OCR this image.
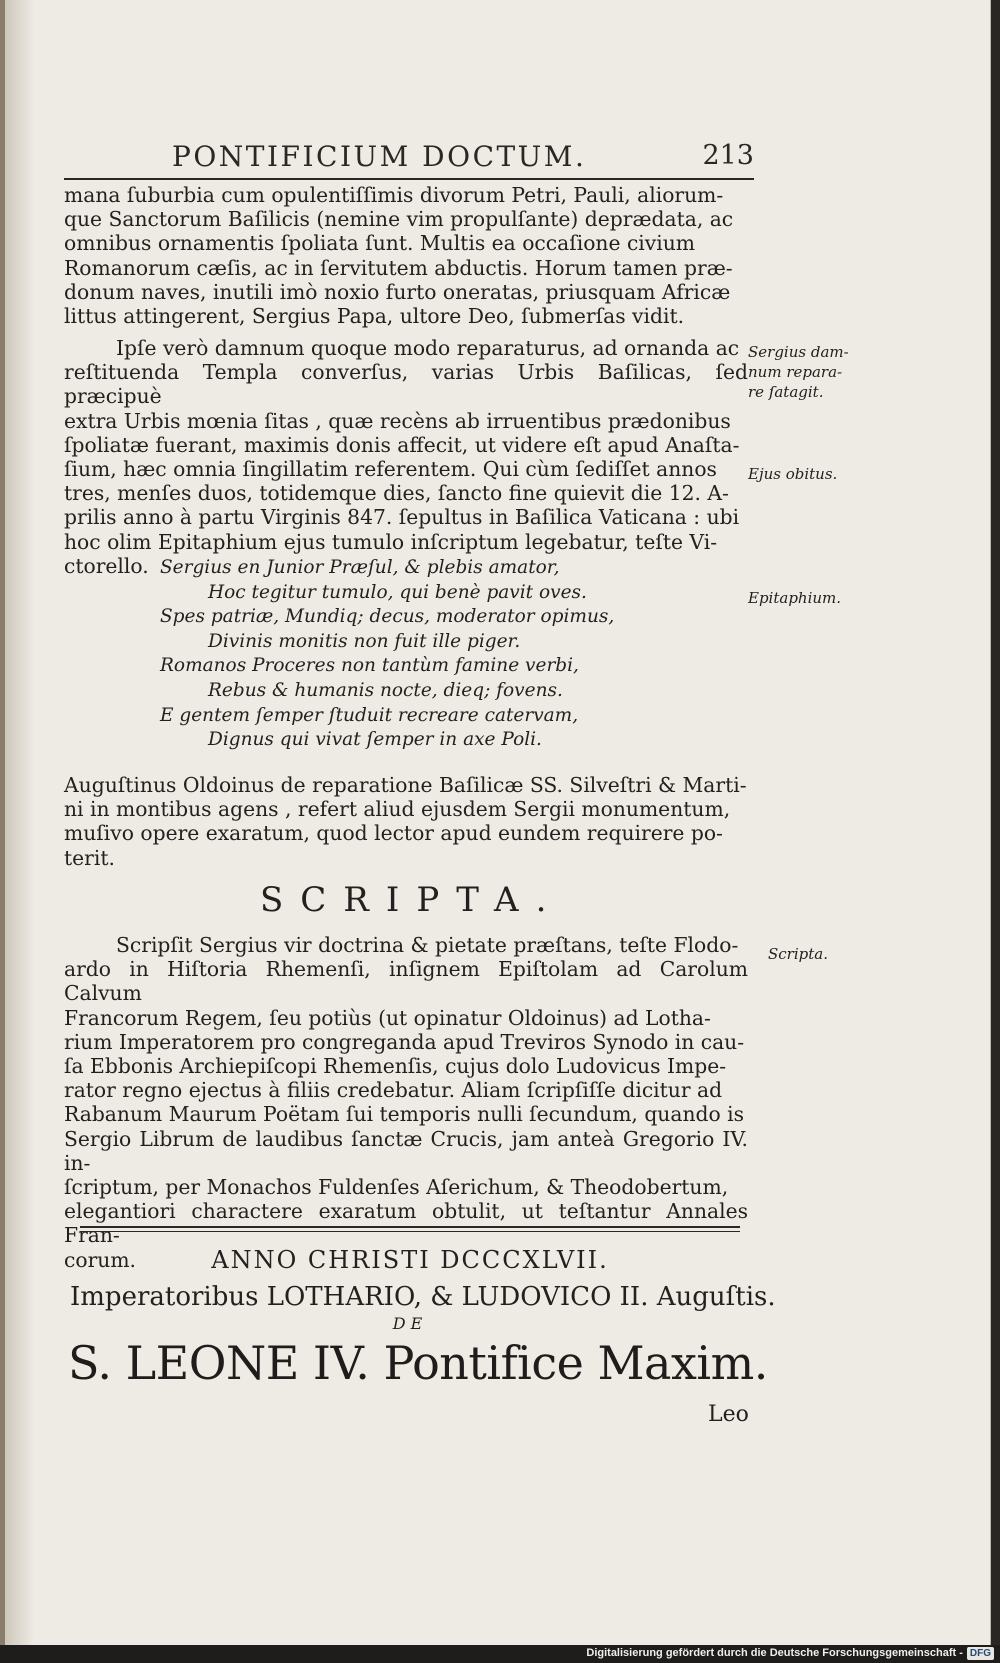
PONTIFICIUM DOCTUM.	213
mana ſuburbia cum opulentiſſimis divorum Petri, Pauli, aliorum-
que Sanctorum Baſilicis (nemine vim propulſante) deprædata, ac
omnibus ornamentis ſpoliata ſunt. Multis ea occaſione civium
Romanorum cæſis, ac in ſervitutem abductis. Horum tamen præ-
donum naves, inutili imò noxio furto oneratas, priusquam Africæ
littus attingerent, Sergius Papa, ultore Deo, ſubmerſas vidit.
Ipſe verò damnum quoque modo reparaturus, ad ornanda ac
reſtituenda Templa converſus, varias Urbis Baſilicas, ſed præcipuè
extra Urbis mœnia ſitas , quæ recèns ab irruentibus prædonibus
ſpoliatæ fuerant, maximis donis affecit, ut videre eſt apud Anaſta-
ſium, hæc omnia ſingillatim referentem. Qui cùm ſediſſet annos
tres, menſes duos, totidemque dies, ſancto fine quievit die 12. A-
prilis anno à partu Virginis 847. ſepultus in Baſilica Vaticana : ubi
hoc olim Epitaphium ejus tumulo inſcriptum legebatur, teſte Vi-
ctorello. Sergius en Junior Præſul, & plebis amator,
Hoc tegitur tumulo, qui benè pavit oves.
Spes patriæ, Mundiq; decus, moderator opimus,
Divinis monitis non fuit ille piger.
Romanos Proceres non tantùm famine verbi,
Rebus & humanis nocte, dieq; fovens.
E gentem ſemper ſtuduit recreare catervam,
Dignus qui vivat ſemper in axe Poli.
Auguſtinus Oldoinus de reparatione Baſilicæ SS. Silveſtri & Marti-
ni in montibus agens , refert aliud ejusdem Sergii monumentum,
muſivo opere exaratum, quod lector apud eundem requirere po-
terit.
SCRIPTA.
Scripſit Sergius vir doctrina & pietate præſtans, teſte Flodo-
ardo in Hiſtoria Rhemenſi, inſignem Epiſtolam ad Carolum Calvum
Francorum Regem, ſeu potiùs (ut opinatur Oldoinus) ad Lotha-
rium Imperatorem pro congreganda apud Treviros Synodo in cau-
ſa Ebbonis Archiepiſcopi Rhemenſis, cujus dolo Ludovicus Impe-
rator regno ejectus à filiis credebatur. Aliam ſcripſiſſe dicitur ad
Rabanum Maurum Poëtam ſui temporis nulli ſecundum, quando is
Sergio Librum de laudibus ſanctæ Crucis, jam anteà Gregorio IV. in-
ſcriptum, per Monachos Fuldenſes Aſerichum, & Theodobertum,
elegantiori charactere exaratum obtulit, ut teſtantur Annales Fran-
corum.
Sergius dam-
num repara-
re ſatagit.
Ejus obitus.
Epitaphium.
Scripta.
ANNO CHRISTI DCCCXLVII.
Imperatoribus LOTHARIO, & LUDOVICO II. Auguſtis.
DE
S. LEONE IV. Pontifice Maxim.
Leo
Digitalisierung gefördert durch die Deutsche Forschungsgemeinschaft - DFG
